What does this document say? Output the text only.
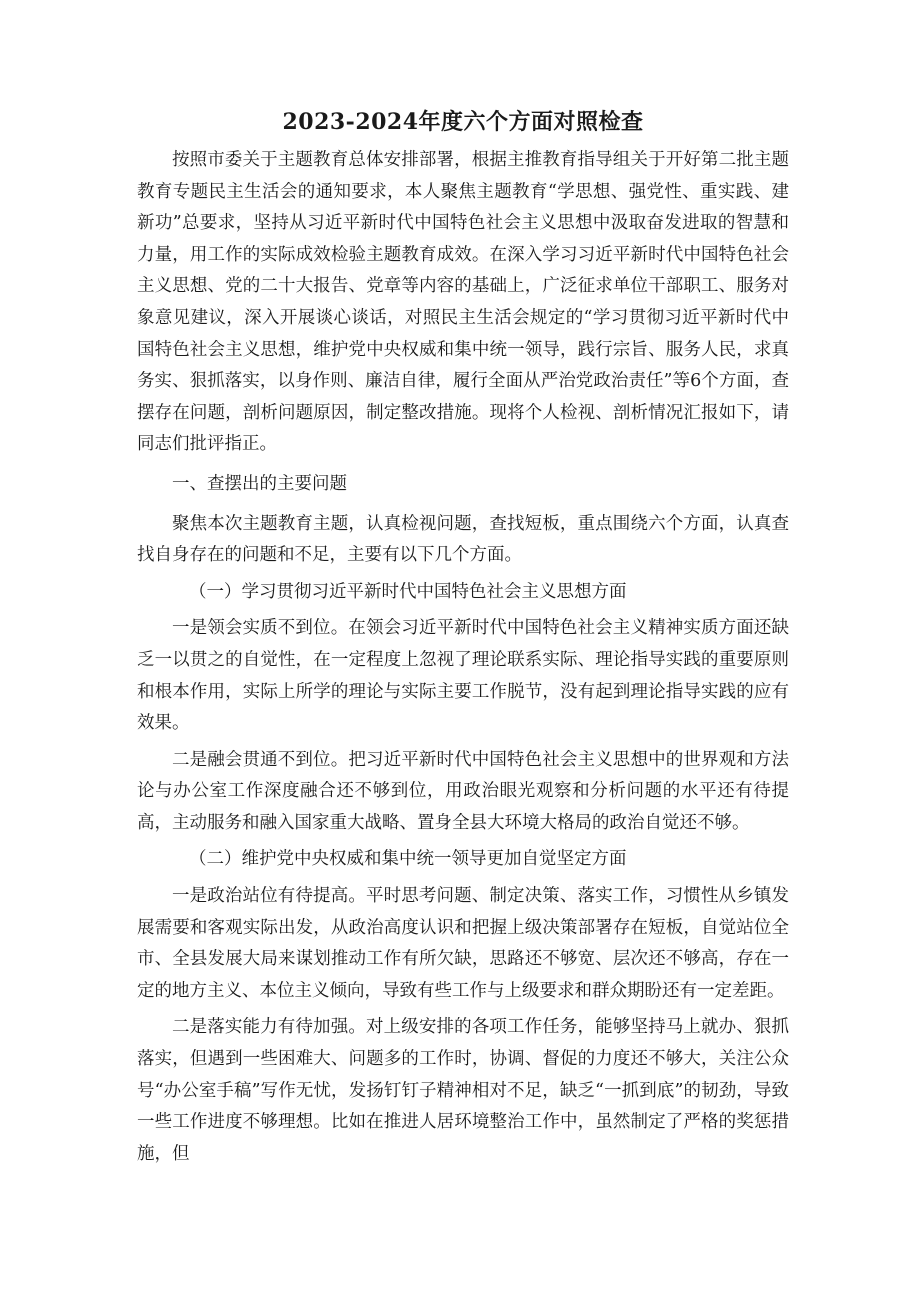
2023-2024年度六个方面对照检查

按照市委关于主题教育总体安排部署，根据主推教育指导组关于开好第二批主题教育专题民主生活会的通知要求，本人聚焦主题教育“学思想、强党性、重实践、建新功”总要求，坚持从习近平新时代中国特色社会主义思想中汲取奋发进取的智慧和力量，用工作的实际成效检验主题教育成效。在深入学习习近平新时代中国特色社会主义思想、党的二十大报告、党章等内容的基础上，广泛征求单位干部职工、服务对象意见建议，深入开展谈心谈话，对照民主生活会规定的“学习贯彻习近平新时代中国特色社会主义思想，维护党中央权威和集中统一领导，践行宗旨、服务人民，求真务实、狠抓落实，以身作则、廉洁自律，履行全面从严治党政治责任”等6个方面，查摆存在问题，剖析问题原因，制定整改措施。现将个人检视、剖析情况汇报如下，请同志们批评指正。

一、查摆出的主要问题

聚焦本次主题教育主题，认真检视问题，查找短板，重点围绕六个方面，认真查找自身存在的问题和不足，主要有以下几个方面。

（一）学习贯彻习近平新时代中国特色社会主义思想方面

一是领会实质不到位。在领会习近平新时代中国特色社会主义精神实质方面还缺乏一以贯之的自觉性，在一定程度上忽视了理论联系实际、理论指导实践的重要原则和根本作用，实际上所学的理论与实际主要工作脱节，没有起到理论指导实践的应有效果。

二是融会贯通不到位。把习近平新时代中国特色社会主义思想中的世界观和方法论与办公室工作深度融合还不够到位，用政治眼光观察和分析问题的水平还有待提高，主动服务和融入国家重大战略、置身全县大环境大格局的政治自觉还不够。

（二）维护党中央权威和集中统一领导更加自觉坚定方面

一是政治站位有待提高。平时思考问题、制定决策、落实工作，习惯性从乡镇发展需要和客观实际出发，从政治高度认识和把握上级决策部署存在短板，自觉站位全市、全县发展大局来谋划推动工作有所欠缺，思路还不够宽、层次还不够高，存在一定的地方主义、本位主义倾向，导致有些工作与上级要求和群众期盼还有一定差距。

二是落实能力有待加强。对上级安排的各项工作任务，能够坚持马上就办、狠抓落实，但遇到一些困难大、问题多的工作时，协调、督促的力度还不够大，关注公众号“办公室手稿”写作无忧，发扬钉钉子精神相对不足，缺乏“一抓到底”的韧劲，导致一些工作进度不够理想。比如在推进人居环境整治工作中，虽然制定了严格的奖惩措施，但
